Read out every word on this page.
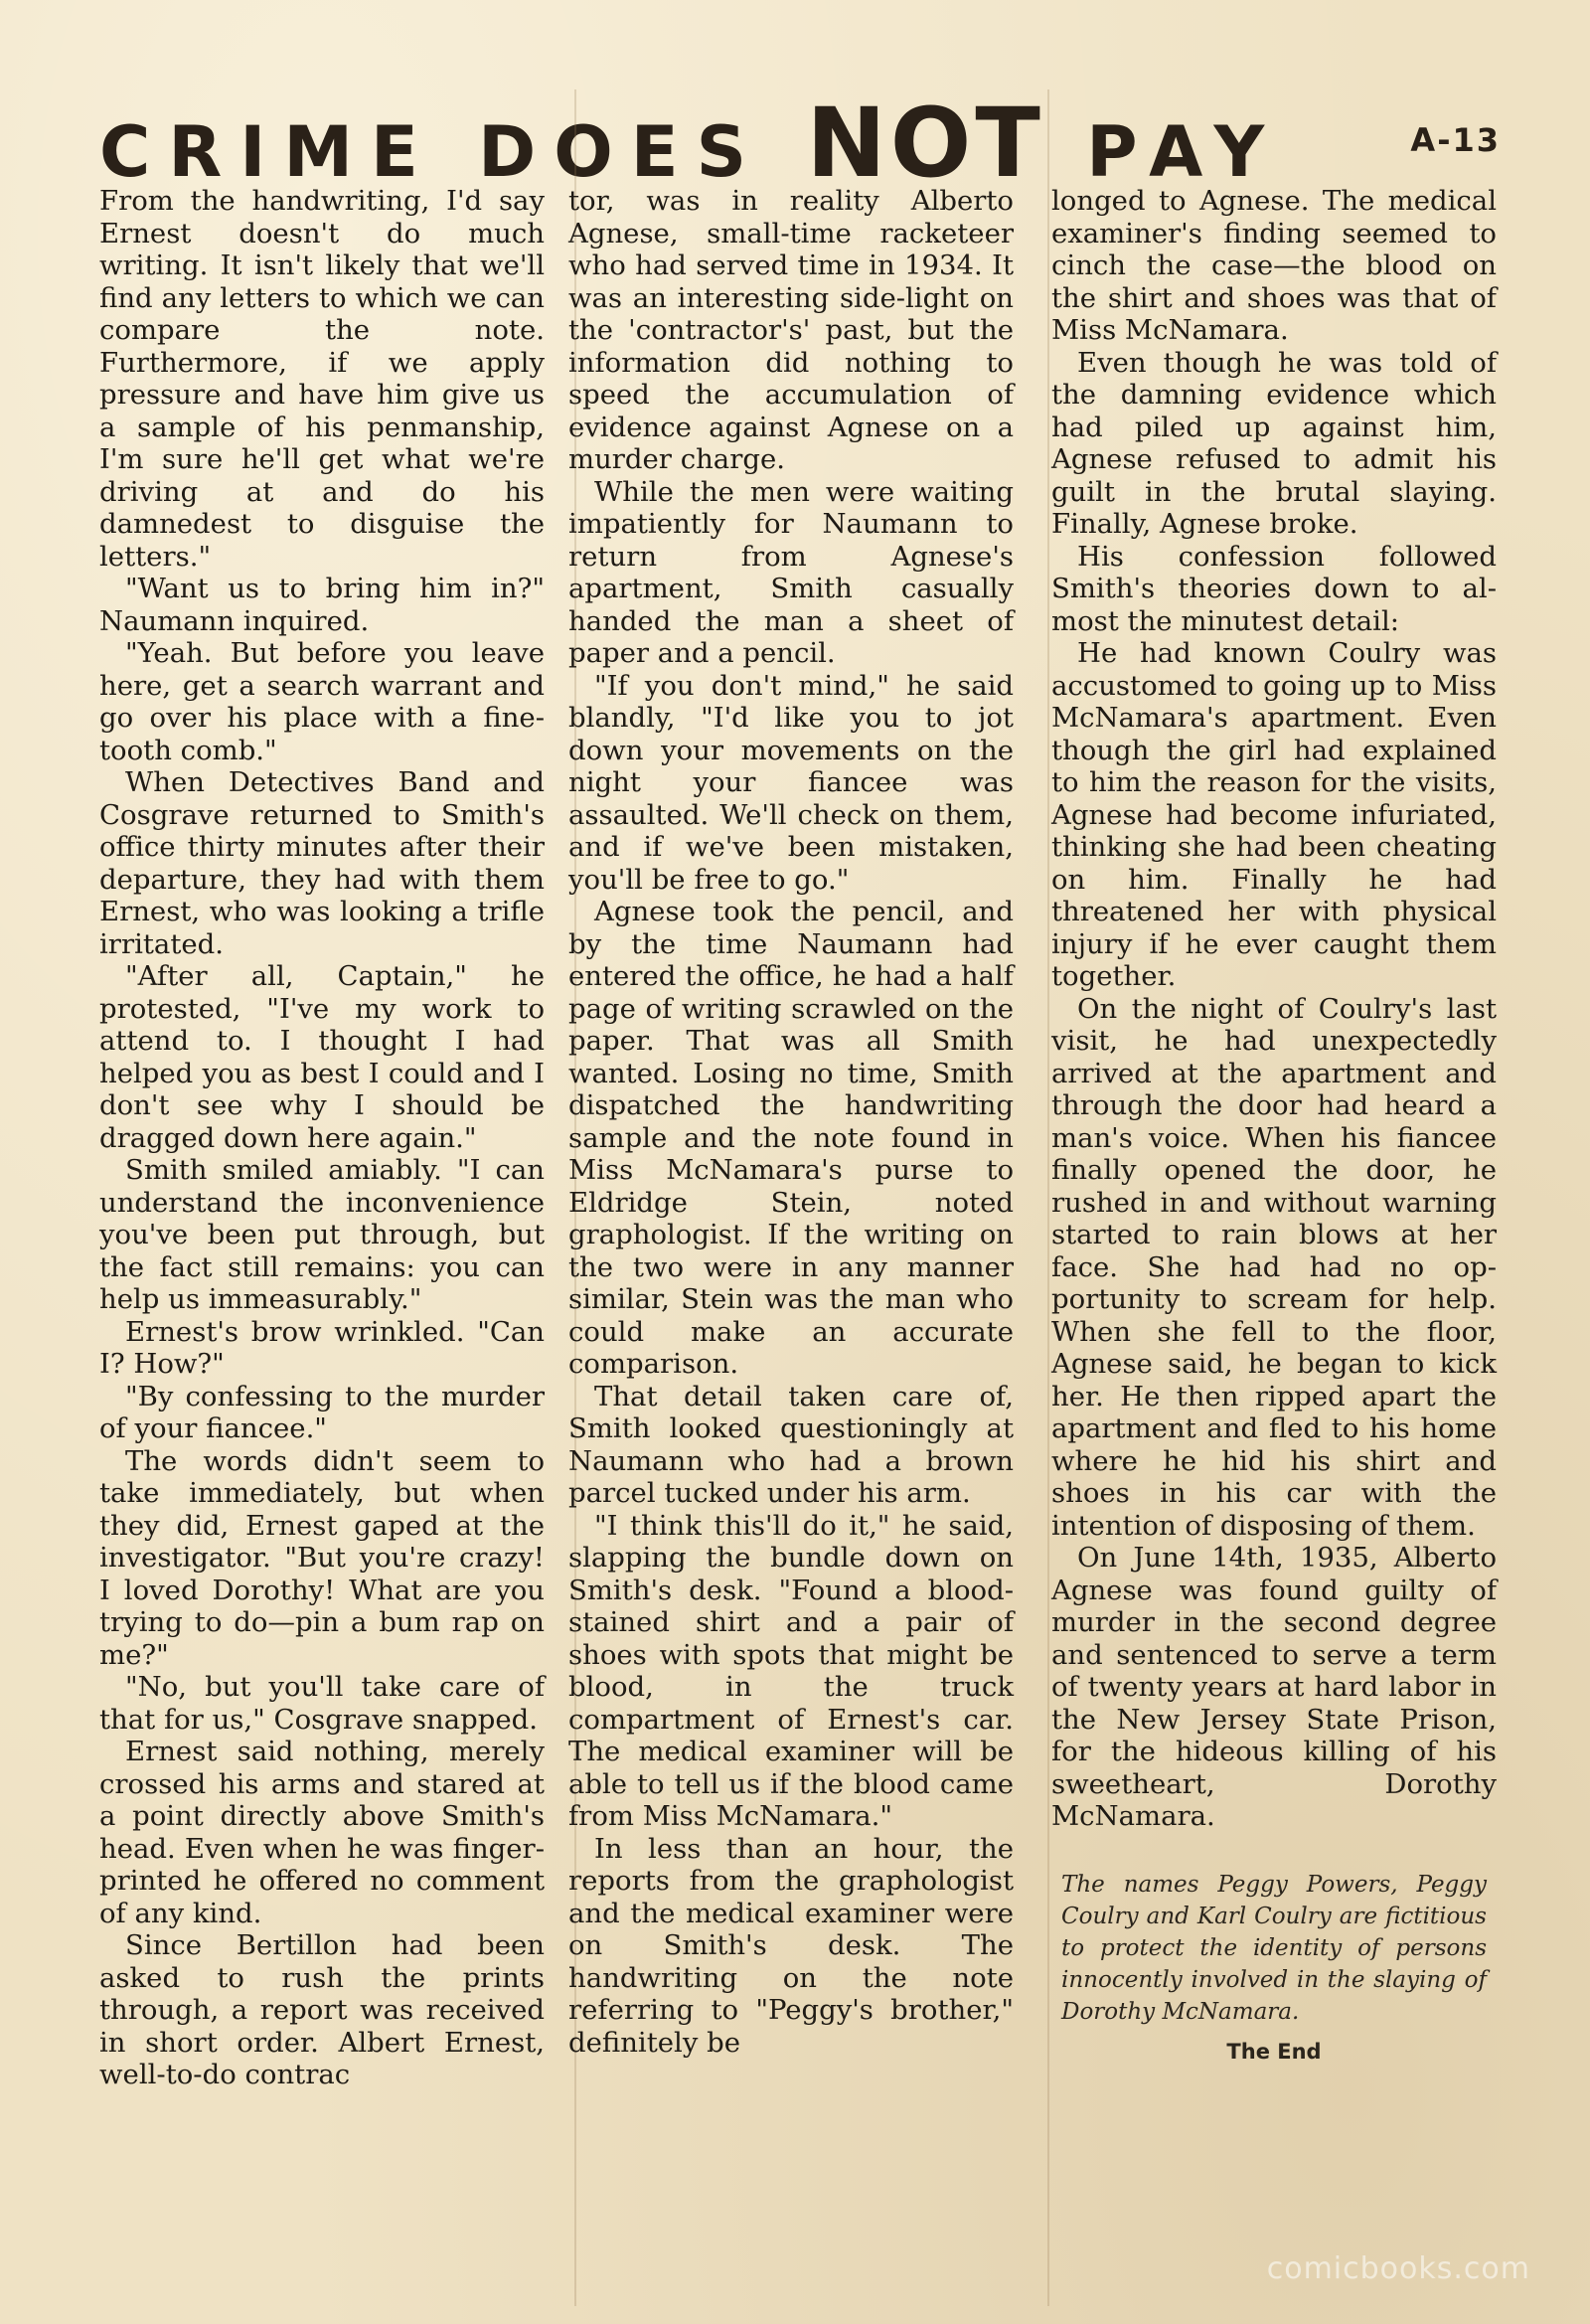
CRIME DOES NOT PAY	A-13

From the handwriting, I'd say Ernest doesn't do much writing. It isn't likely that we'll find any letters to which we can compare the note. Furthermore, if we apply pressure and have him give us a sample of his penmanship, I'm sure he'll get what we're driving at and do his damnedest to disguise the letters."

"Want us to bring him in?" Naumann inquired.

"Yeah. But before you leave here, get a search warrant and go over his place with a fine-tooth comb."

When Detectives Band and Cosgrave returned to Smith's office thirty minutes after their departure, they had with them Ernest, who was looking a trifle irritated.

"After all, Captain," he protested, "I've my work to attend to. I thought I had helped you as best I could and I don't see why I should be dragged down here again."

Smith smiled amiably. "I can understand the inconvenience you've been put through, but the fact still remains: you can help us immeasurably."

Ernest's brow wrinkled. "Can I? How?"

"By confessing to the murder of your fiancee."

The words didn't seem to take immediately, but when they did, Ernest gaped at the investigator. "But you're crazy! I loved Dorothy! What are you trying to do—pin a bum rap on me?"

"No, but you'll take care of that for us," Cosgrave snapped.

Ernest said nothing, merely crossed his arms and stared at a point directly above Smith's head. Even when he was finger-printed he offered no comment of any kind.

Since Bertillon had been asked to rush the prints through, a report was received in short order. Albert Ernest, well-to-do contrac

tor, was in reality Alberto Agnese, small-time racketeer who had served time in 1934. It was an interesting side-light on the 'contractor's' past, but the information did nothing to speed the accumulation of evidence against Agnese on a murder charge.

While the men were waiting impatiently for Naumann to return from Agnese's apartment, Smith casually handed the man a sheet of paper and a pencil.

"If you don't mind," he said blandly, "I'd like you to jot down your movements on the night your fiancee was assaulted. We'll check on them, and if we've been mistaken, you'll be free to go."

Agnese took the pencil, and by the time Naumann had entered the office, he had a half page of writing scrawled on the paper. That was all Smith wanted. Losing no time, Smith dispatched the handwriting sample and the note found in Miss McNamara's purse to Eldridge Stein, noted graphologist. If the writing on the two were in any manner similar, Stein was the man who could make an accurate comparison.

That detail taken care of, Smith looked questioningly at Naumann who had a brown parcel tucked under his arm.

"I think this'll do it," he said, slapping the bundle down on Smith's desk. "Found a blood-stained shirt and a pair of shoes with spots that might be blood, in the truck compartment of Ernest's car. The medical examiner will be able to tell us if the blood came from Miss McNamara."

In less than an hour, the reports from the graphologist and the medical examiner were on Smith's desk. The handwriting on the note referring to "Peggy's brother," definitely be

longed to Agnese. The medical examiner's finding seemed to cinch the case—the blood on the shirt and shoes was that of Miss McNamara.

Even though he was told of the damning evidence which had piled up against him, Agnese refused to admit his guilt in the brutal slaying. Finally, Agnese broke.

His confession followed Smith's theories down to almost the minutest detail:

He had known Coulry was accustomed to going up to Miss McNamara's apartment. Even though the girl had explained to him the reason for the visits, Agnese had become infuriated, thinking she had been cheating on him. Finally he had threatened her with physical injury if he ever caught them together.

On the night of Coulry's last visit, he had unexpectedly arrived at the apartment and through the door had heard a man's voice. When his fiancee finally opened the door, he rushed in and without warning started to rain blows at her face. She had had no opportunity to scream for help. When she fell to the floor, Agnese said, he began to kick her. He then ripped apart the apartment and fled to his home where he hid his shirt and shoes in his car with the intention of disposing of them.

On June 14th, 1935, Alberto Agnese was found guilty of murder in the second degree and sentenced to serve a term of twenty years at hard labor in the New Jersey State Prison, for the hideous killing of his sweetheart, Dorothy McNamara.

The names Peggy Powers, Peggy Coulry and Karl Coulry are fictitious to protect the identity of persons innocently involved in the slaying of Dorothy McNamara.
The End
comicbooks.com
